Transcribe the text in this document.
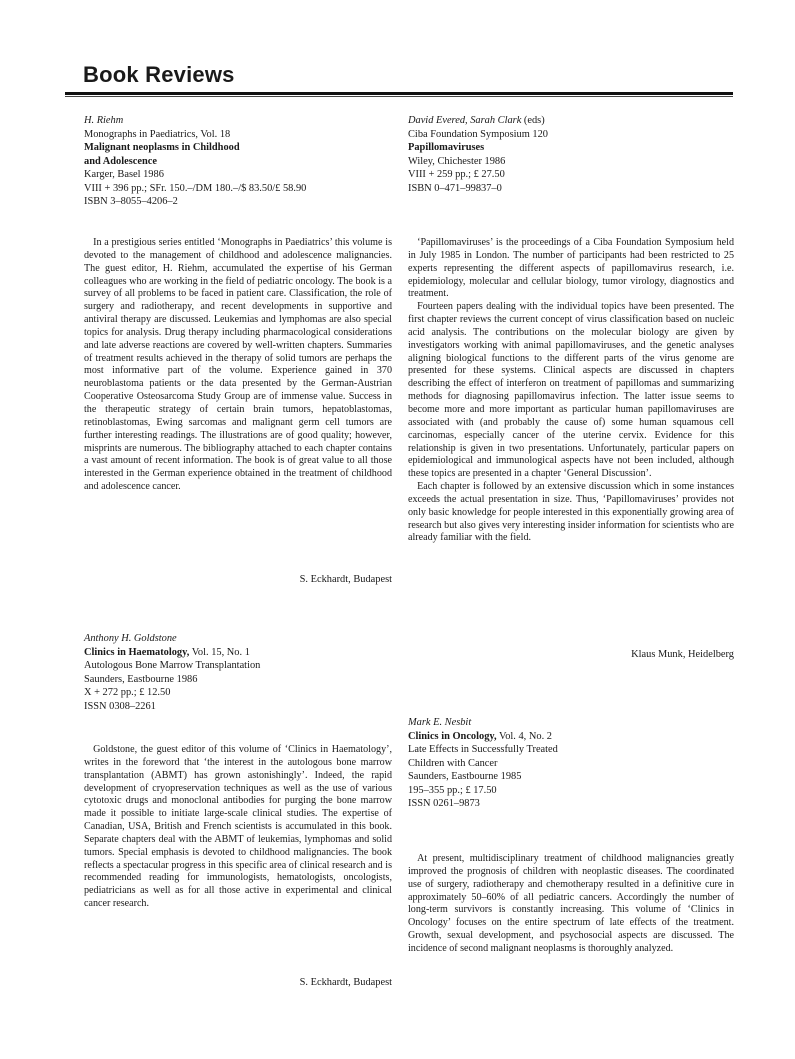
Book Reviews
H. Riehm
Monographs in Paediatrics, Vol. 18
Malignant neoplasms in Childhood
and Adolescence
Karger, Basel 1986
VIII + 396 pp.; SFr. 150.–/DM 180.–/$ 83.50/£ 58.90
ISBN 3–8055–4206–2

In a prestigious series entitled ‘Monographs in Paediatrics’ this volume is devoted to the management of childhood and adolescence malignancies. The guest editor, H. Riehm, accumulated the expertise of his German colleagues who are working in the field of pediatric oncology. The book is a survey of all problems to be faced in patient care. Classification, the role of surgery and radiotherapy, and recent developments in supportive and antiviral therapy are discussed. Leukemias and lymphomas are also special topics for analysis. Drug therapy including pharmacological considerations and late adverse reactions are covered by well-written chapters. Summaries of treatment results achieved in the therapy of solid tumors are perhaps the most informative part of the volume. Experience gained in 370 neuroblastoma patients or the data presented by the German-Austrian Cooperative Osteosarcoma Study Group are of immense value. Success in the therapeutic strategy of certain brain tumors, hepatoblastomas, retinoblastomas, Ewing sarcomas and malignant germ cell tumors are further interesting readings. The illustrations are of good quality; however, misprints are numerous. The bibliography attached to each chapter contains a vast amount of recent information. The book is of great value to all those interested in the German experience obtained in the treatment of childhood and adolescence cancer.

S. Eckhardt, Budapest

Anthony H. Goldstone
Clinics in Haematology, Vol. 15, No. 1
Autologous Bone Marrow Transplantation
Saunders, Eastbourne 1986
X + 272 pp.; £ 12.50
ISSN 0308–2261

Goldstone, the guest editor of this volume of ‘Clinics in Haematology’, writes in the foreword that ‘the interest in the autologous bone marrow transplantation (ABMT) has grown astonishingly’. Indeed, the rapid development of cryopreservation techniques as well as the use of various cytotoxic drugs and monoclonal antibodies for purging the bone marrow made it possible to initiate large-scale clinical studies. The expertise of Canadian, USA, British and French scientists is accumulated in this book. Separate chapters deal with the ABMT of leukemias, lymphomas and solid tumors. Special emphasis is devoted to childhood malignancies. The book reflects a spectacular progress in this specific area of clinical research and is recommended reading for immunologists, hematologists, oncologists, pediatricians as well as for all those active in experimental and clinical cancer research.

S. Eckhardt, Budapest

David Evered, Sarah Clark (eds)
Ciba Foundation Symposium 120
Papillomaviruses
Wiley, Chichester 1986
VIII + 259 pp.; £ 27.50
ISBN 0–471–99837–0

‘Papillomaviruses’ is the proceedings of a Ciba Foundation Symposium held in July 1985 in London. The number of participants had been restricted to 25 experts representing the different aspects of papillomavirus research, i.e. epidemiology, molecular and cellular biology, tumor virology, diagnostics and treatment.

Fourteen papers dealing with the individual topics have been presented. The first chapter reviews the current concept of virus classification based on nucleic acid analysis. The contributions on the molecular biology are given by investigators working with animal papillomaviruses, and the genetic analyses aligning biological functions to the different parts of the virus genome are presented for these systems. Clinical aspects are discussed in chapters describing the effect of interferon on treatment of papillomas and summarizing methods for diagnosing papillomavirus infection. The latter issue seems to become more and more important as particular human papillomaviruses are associated with (and probably the cause of) some human squamous cell carcinomas, especially cancer of the uterine cervix. Evidence for this relationship is given in two presentations. Unfortunately, particular papers on epidemiological and immunological aspects have not been included, although these topics are presented in a chapter ‘General Discussion’.

Each chapter is followed by an extensive discussion which in some instances exceeds the actual presentation in size. Thus, ‘Papillomaviruses’ provides not only basic knowledge for people interested in this exponentially growing area of research but also gives very interesting insider information for scientists who are already familiar with the field.

Klaus Munk, Heidelberg

Mark E. Nesbit
Clinics in Oncology, Vol. 4, No. 2
Late Effects in Successfully Treated
Children with Cancer
Saunders, Eastbourne 1985
195–355 pp.; £ 17.50
ISSN 0261–9873

At present, multidisciplinary treatment of childhood malignancies greatly improved the prognosis of children with neoplastic diseases. The coordinated use of surgery, radiotherapy and chemotherapy resulted in a definitive cure in approximately 50–60% of all pediatric cancers. Accordingly the number of long-term survivors is constantly increasing. This volume of ‘Clinics in Oncology’ focuses on the entire spectrum of late effects of the treatment. Growth, sexual development, and psychosocial aspects are discussed. The incidence of second malignant neoplasms is thoroughly analyzed.
